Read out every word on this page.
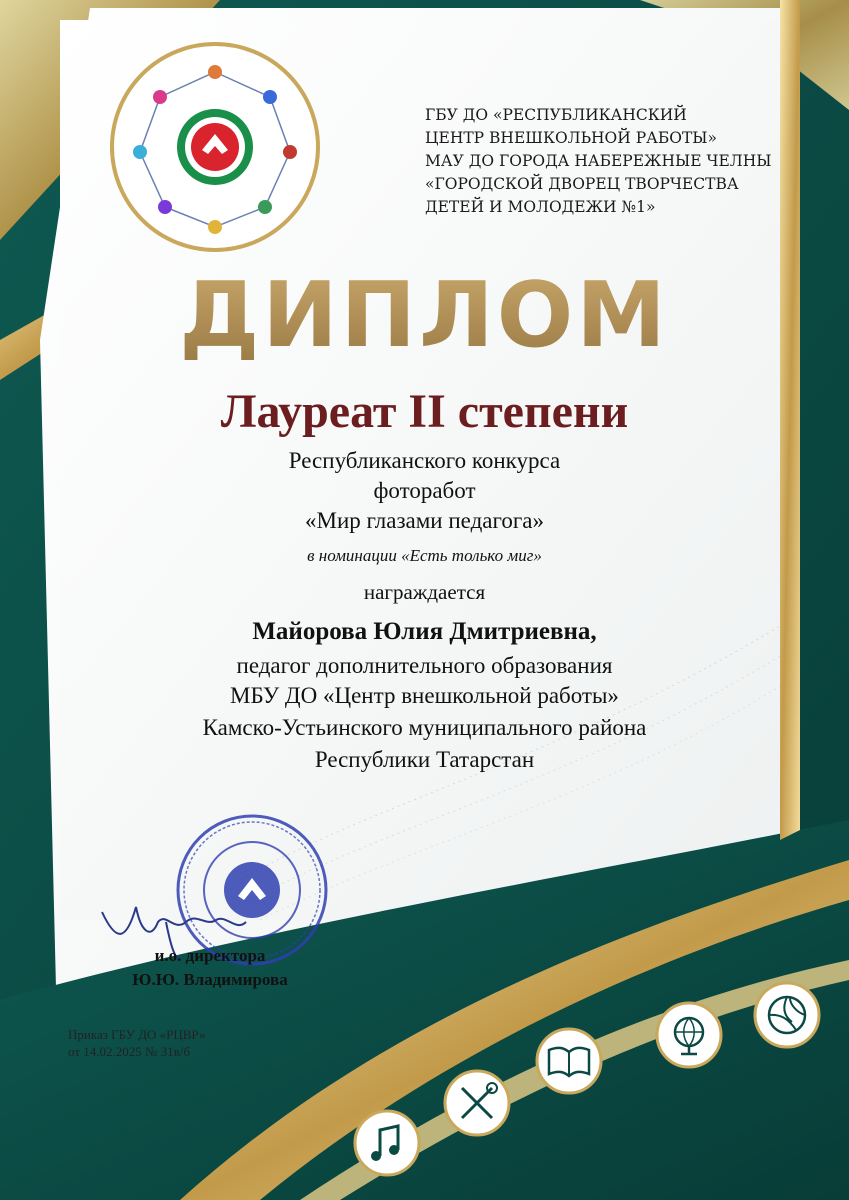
ГБУ ДО «РЕСПУБЛИКАНСКИЙ
ЦЕНТР ВНЕШКОЛЬНОЙ РАБОТЫ»
МАУ ДО ГОРОДА НАБЕРЕЖНЫЕ ЧЕЛНЫ
«ГОРОДСКОЙ ДВОРЕЦ ТВОРЧЕСТВА
ДЕТЕЙ И МОЛОДЕЖИ №1»
ДИПЛОМ
Лауреат II степени
Республиканского конкурса
фоторабот
«Мир глазами педагога»
в номинации «Есть только миг»
награждается
Майорова Юлия Дмитриевна,
педагог дополнительного образования
МБУ ДО «Центр внешкольной работы»
Камско-Устьинского муниципального района
Республики Татарстан
и.о. директора
Ю.Ю. Владимирова
Приказ ГБУ ДО «РЦВР»
от 14.02.2025 № 31в/б
